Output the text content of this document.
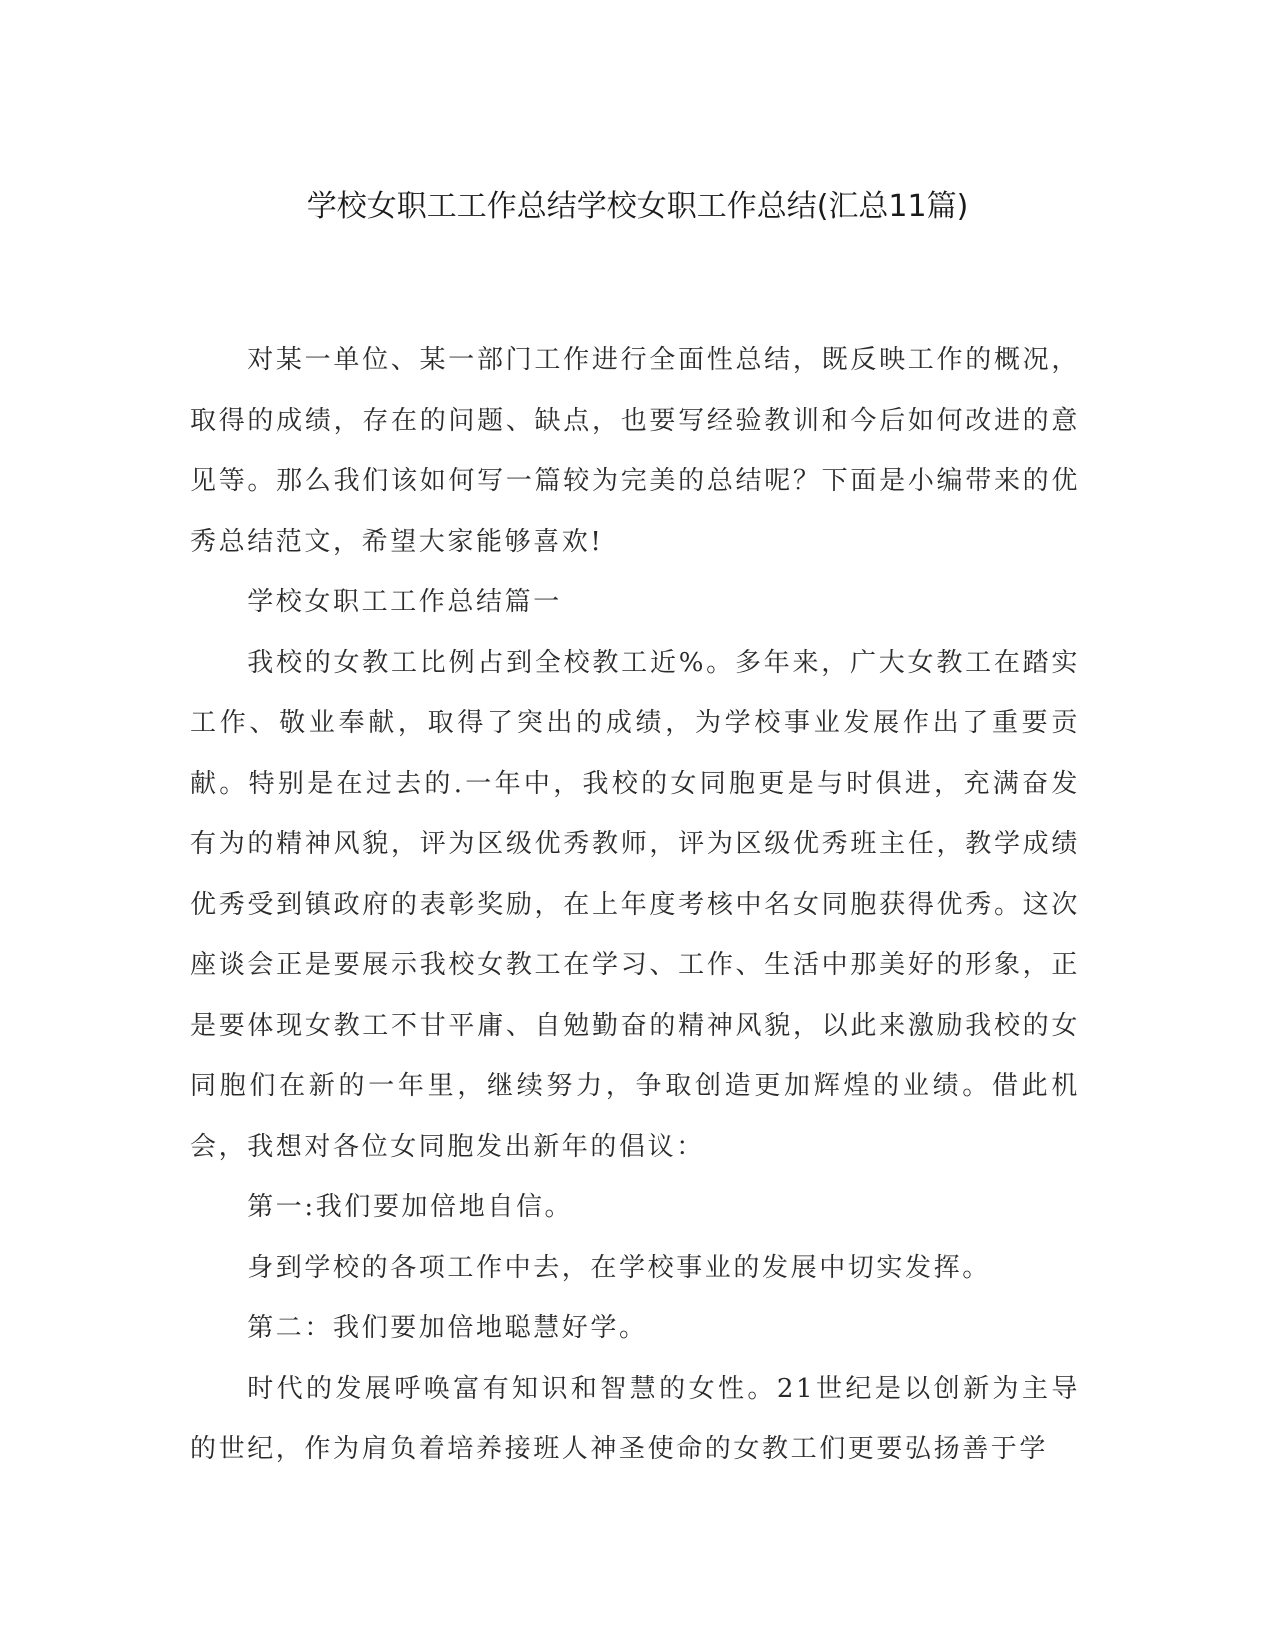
学校女职工工作总结学校女职工作总结(汇总11篇)

对某一单位、某一部门工作进行全面性总结，既反映工作的概况，取得的成绩，存在的问题、缺点，也要写经验教训和今后如何改进的意见等。那么我们该如何写一篇较为完美的总结呢？下面是小编带来的优秀总结范文，希望大家能够喜欢!

学校女职工工作总结篇一

我校的女教工比例占到全校教工近%。多年来，广大女教工在踏实工作、敬业奉献，取得了突出的成绩，为学校事业发展作出了重要贡献。特别是在过去的.一年中，我校的女同胞更是与时俱进，充满奋发有为的精神风貌，评为区级优秀教师，评为区级优秀班主任，教学成绩优秀受到镇政府的表彰奖励，在上年度考核中名女同胞获得优秀。这次座谈会正是要展示我校女教工在学习、工作、生活中那美好的形象，正是要体现女教工不甘平庸、自勉勤奋的精神风貌，以此来激励我校的女同胞们在新的一年里，继续努力，争取创造更加辉煌的业绩。借此机会，我想对各位女同胞发出新年的倡议：

第一:我们要加倍地自信。

身到学校的各项工作中去，在学校事业的发展中切实发挥。

第二：我们要加倍地聪慧好学。

时代的发展呼唤富有知识和智慧的女性。21世纪是以创新为主导的世纪，作为肩负着培养接班人神圣使命的女教工们更要弘扬善于学
